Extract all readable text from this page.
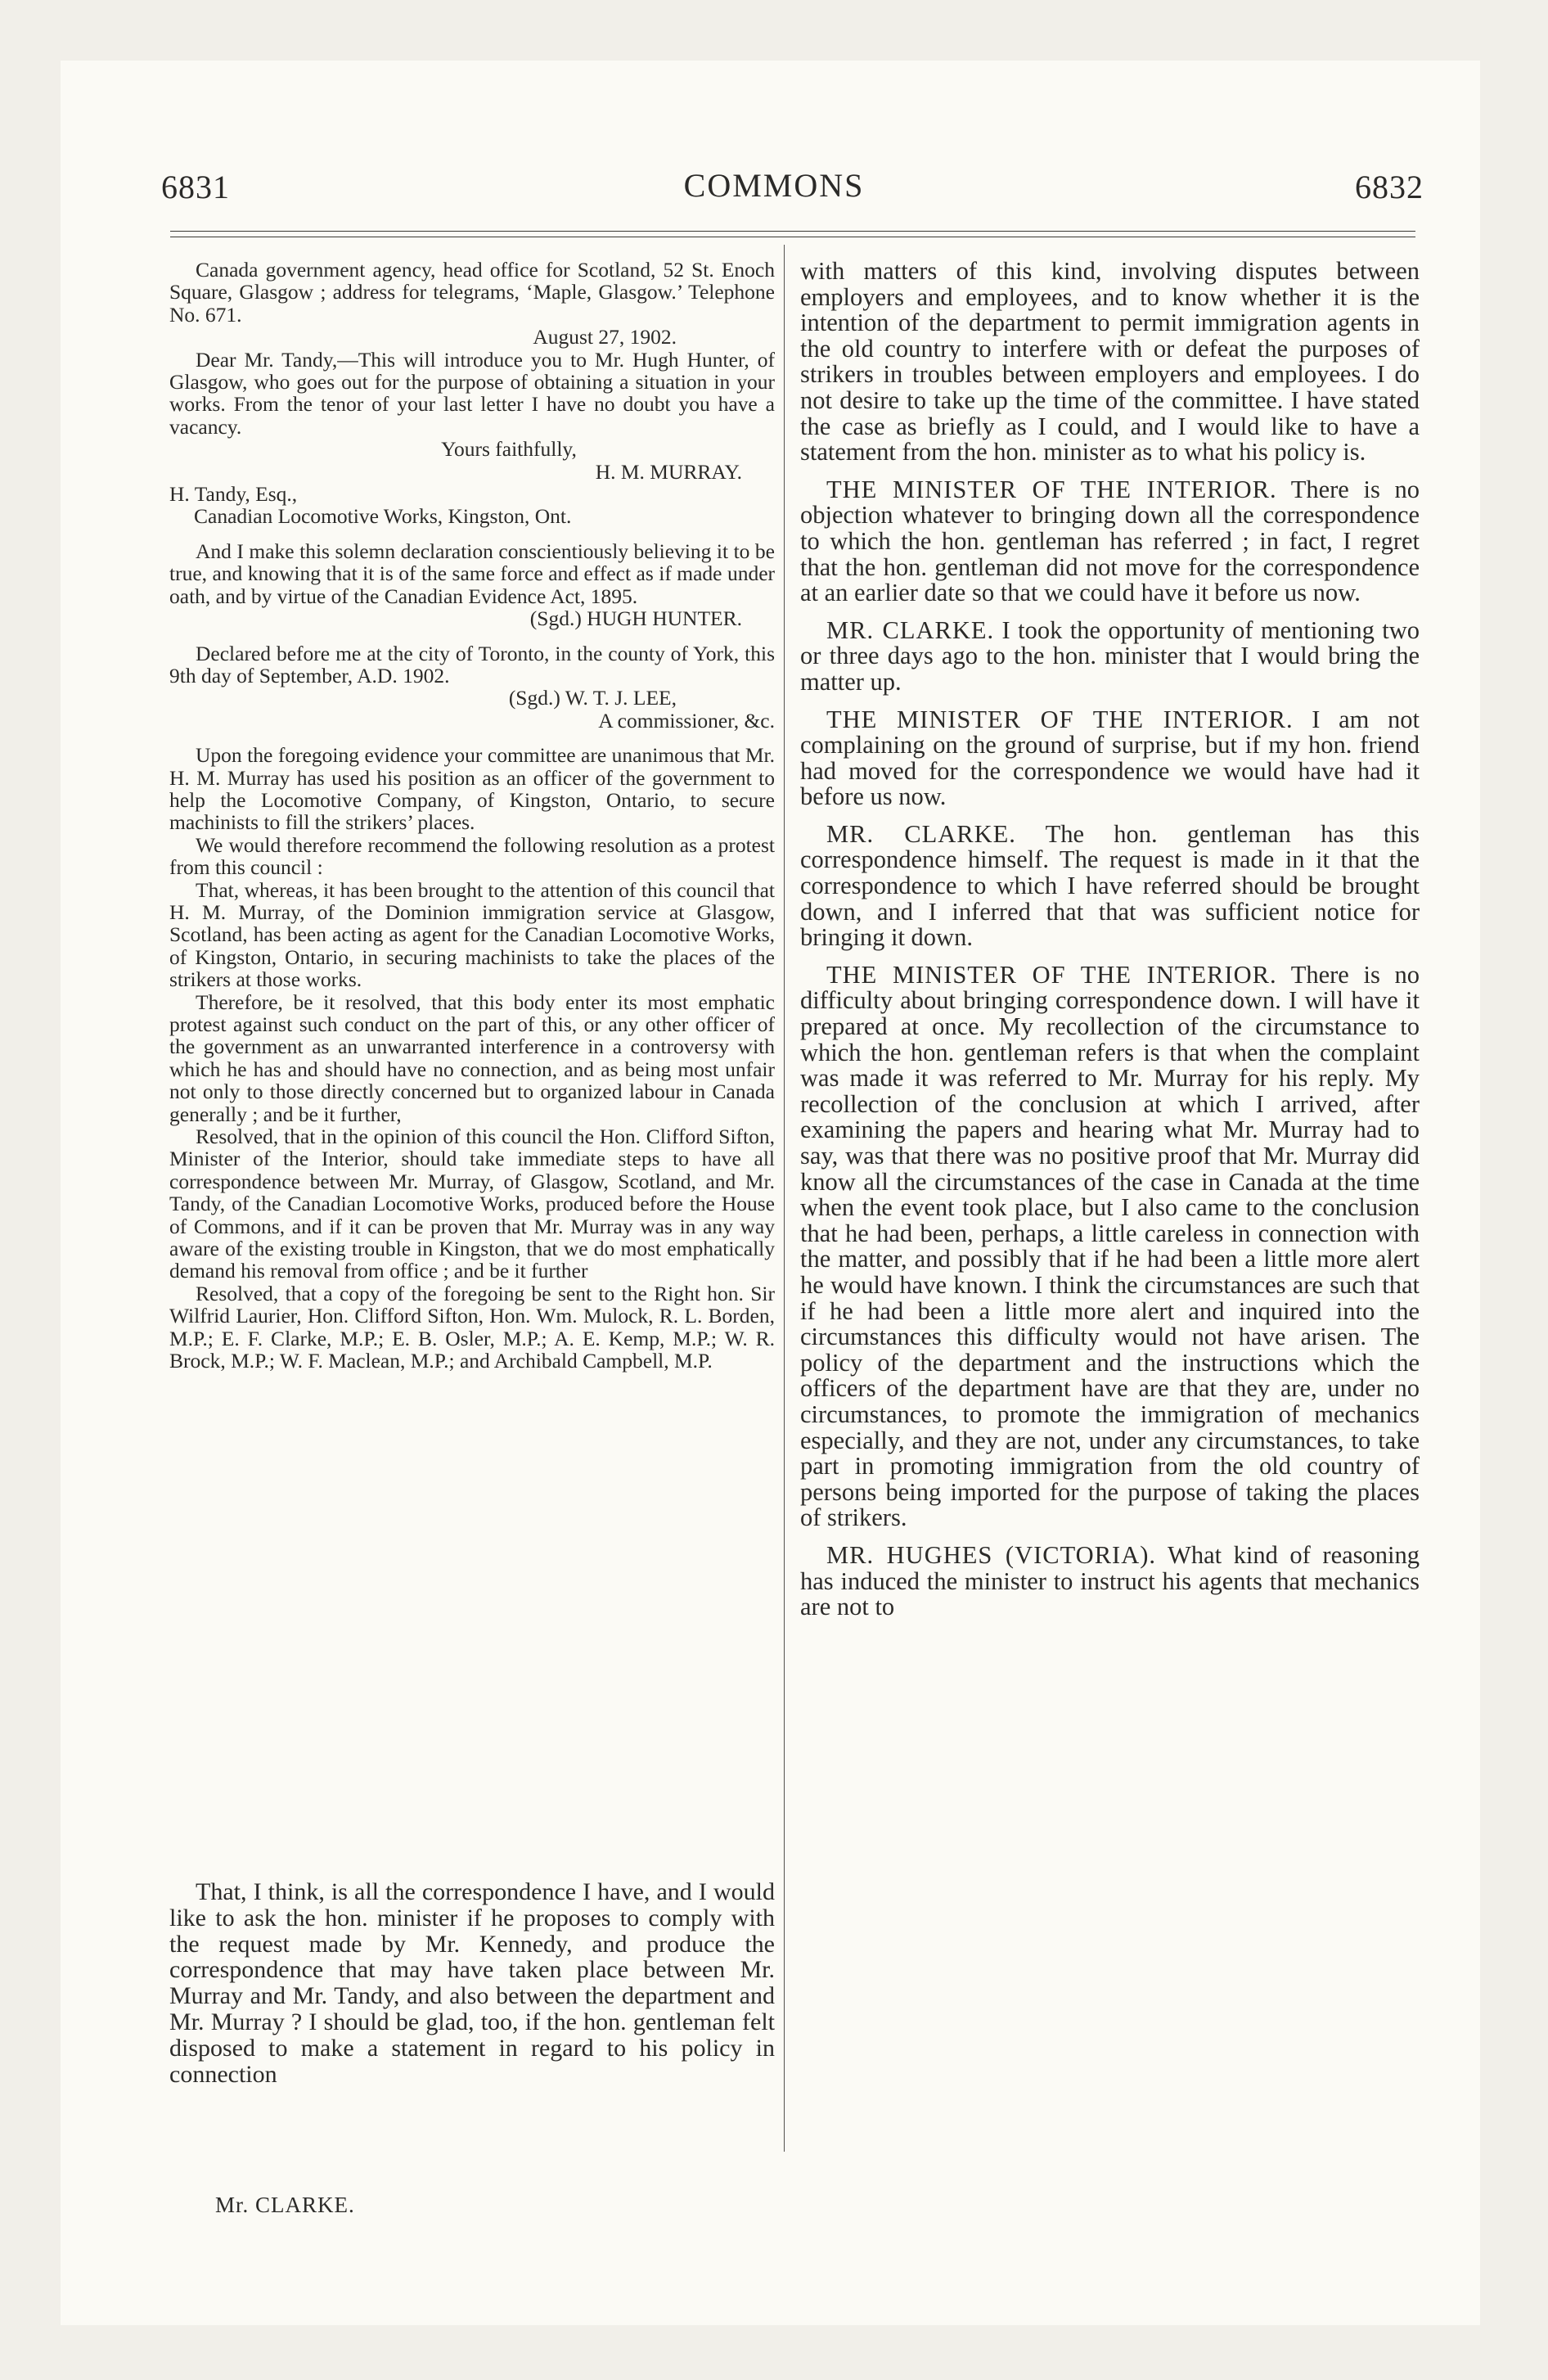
6831	COMMONS	6832

Canada government agency, head office for Scotland, 52 St. Enoch Square, Glasgow ; address for telegrams, ‘Maple, Glasgow.’ Telephone No. 671.

August 27, 1902.

Dear Mr. Tandy,—This will introduce you to Mr. Hugh Hunter, of Glasgow, who goes out for the purpose of obtaining a situation in your works. From the tenor of your last letter I have no doubt you have a vacancy.

Yours faithfully,

H. M. MURRAY.

H. Tandy, Esq.,

Canadian Locomotive Works, Kingston, Ont.

And I make this solemn declaration conscientiously believing it to be true, and knowing that it is of the same force and effect as if made under oath, and by virtue of the Canadian Evidence Act, 1895.

(Sgd.) HUGH HUNTER.

Declared before me at the city of Toronto, in the county of York, this 9th day of September, A.D. 1902.

(Sgd.) W. T. J. LEE,

A commissioner, &c.

Upon the foregoing evidence your committee are unanimous that Mr. H. M. Murray has used his position as an officer of the government to help the Locomotive Company, of Kingston, Ontario, to secure machinists to fill the strikers’ places.

We would therefore recommend the following resolution as a protest from this council :

That, whereas, it has been brought to the attention of this council that H. M. Murray, of the Dominion immigration service at Glasgow, Scotland, has been acting as agent for the Canadian Locomotive Works, of Kingston, Ontario, in securing machinists to take the places of the strikers at those works.

Therefore, be it resolved, that this body enter its most emphatic protest against such conduct on the part of this, or any other officer of the government as an unwarranted interference in a controversy with which he has and should have no connection, and as being most unfair not only to those directly concerned but to organized labour in Canada generally ; and be it further,

Resolved, that in the opinion of this council the Hon. Clifford Sifton, Minister of the Interior, should take immediate steps to have all correspondence between Mr. Murray, of Glasgow, Scotland, and Mr. Tandy, of the Canadian Locomotive Works, produced before the House of Commons, and if it can be proven that Mr. Murray was in any way aware of the existing trouble in Kingston, that we do most emphatically demand his removal from office ; and be it further

Resolved, that a copy of the foregoing be sent to the Right hon. Sir Wilfrid Laurier, Hon. Clifford Sifton, Hon. Wm. Mulock, R. L. Borden, M.P.; E. F. Clarke, M.P.; E. B. Osler, M.P.; A. E. Kemp, M.P.; W. R. Brock, M.P.; W. F. Maclean, M.P.; and Archibald Campbell, M.P.

That, I think, is all the correspondence I have, and I would like to ask the hon. minister if he proposes to comply with the request made by Mr. Kennedy, and produce the correspondence that may have taken place between Mr. Murray and Mr. Tandy, and also between the department and Mr. Murray ? I should be glad, too, if the hon. gentleman felt disposed to make a statement in regard to his policy in connection

Mr. CLARKE.

with matters of this kind, involving disputes between employers and employees, and to know whether it is the intention of the department to permit immigration agents in the old country to interfere with or defeat the purposes of strikers in troubles between employers and employees. I do not desire to take up the time of the committee. I have stated the case as briefly as I could, and I would like to have a statement from the hon. minister as to what his policy is.

THE MINISTER OF THE INTERIOR. There is no objection whatever to bringing down all the correspondence to which the hon. gentleman has referred ; in fact, I regret that the hon. gentleman did not move for the correspondence at an earlier date so that we could have it before us now.

MR. CLARKE. I took the opportunity of mentioning two or three days ago to the hon. minister that I would bring the matter up.

THE MINISTER OF THE INTERIOR. I am not complaining on the ground of surprise, but if my hon. friend had moved for the correspondence we would have had it before us now.

MR. CLARKE. The hon. gentleman has this correspondence himself. The request is made in it that the correspondence to which I have referred should be brought down, and I inferred that that was sufficient notice for bringing it down.

THE MINISTER OF THE INTERIOR. There is no difficulty about bringing correspondence down. I will have it prepared at once. My recollection of the circumstance to which the hon. gentleman refers is that when the complaint was made it was referred to Mr. Murray for his reply. My recollection of the conclusion at which I arrived, after examining the papers and hearing what Mr. Murray had to say, was that there was no positive proof that Mr. Murray did know all the circumstances of the case in Canada at the time when the event took place, but I also came to the conclusion that he had been, perhaps, a little careless in connection with the matter, and possibly that if he had been a little more alert he would have known. I think the circumstances are such that if he had been a little more alert and inquired into the circumstances this difficulty would not have arisen. The policy of the department and the instructions which the officers of the department have are that they are, under no circumstances, to promote the immigration of mechanics especially, and they are not, under any circumstances, to take part in promoting immigration from the old country of persons being imported for the purpose of taking the places of strikers.

MR. HUGHES (VICTORIA). What kind of reasoning has induced the minister to instruct his agents that mechanics are not to
